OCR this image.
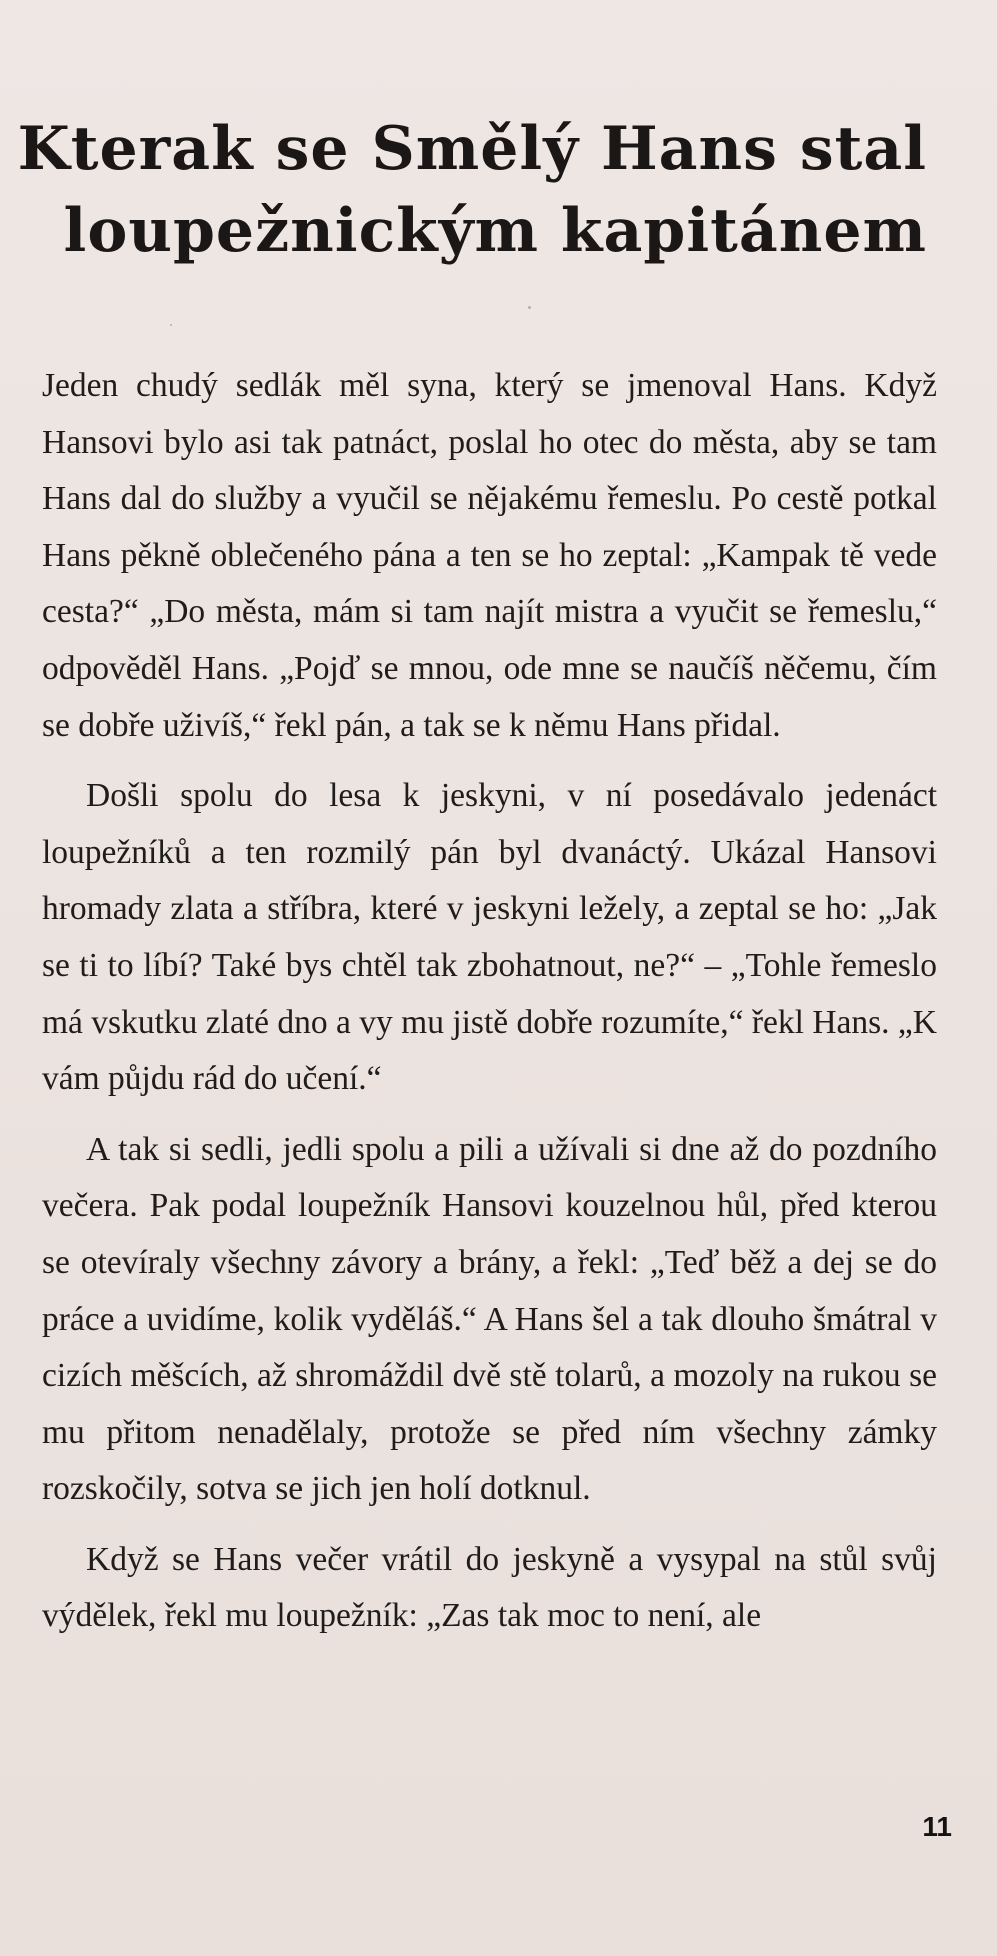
Kterak se Smělý Hans stal
loupežnickým kapitánem

Jeden chudý sedlák měl syna, který se jmenoval Hans. Když Hansovi bylo asi tak patnáct, poslal ho otec do města, aby se tam Hans dal do služby a vyučil se nějakému řemeslu. Po cestě potkal Hans pěkně oblečeného pána a ten se ho zeptal: „Kampak tě vede cesta?“ „Do města, mám si tam najít mistra a vyučit se řemeslu,“ odpověděl Hans. „Pojď se mnou, ode mne se naučíš něčemu, čím se dobře uživíš,“ řekl pán, a tak se k němu Hans přidal.

Došli spolu do lesa k jeskyni, v ní posedávalo jedenáct loupežníků a ten rozmilý pán byl dvanáctý. Ukázal Hansovi hromady zlata a stříbra, které v jeskyni ležely, a zeptal se ho: „Jak se ti to líbí? Také bys chtěl tak zbohatnout, ne?“ – „Tohle řemeslo má vskutku zlaté dno a vy mu jistě dobře rozumíte,“ řekl Hans. „K vám půjdu rád do učení.“

A tak si sedli, jedli spolu a pili a užívali si dne až do pozdního večera. Pak podal loupežník Hansovi kouzelnou hůl, před kterou se otevíraly všechny závory a brány, a řekl: „Teď běž a dej se do práce a uvidíme, kolik vyděláš.“ A Hans šel a tak dlouho šmátral v cizích měšcích, až shromáždil dvě stě tolarů, a mozoly na rukou se mu přitom nenadělaly, protože se před ním všechny zámky rozskočily, sotva se jich jen holí dotknul.

Když se Hans večer vrátil do jeskyně a vysypal na stůl svůj výdělek, řekl mu loupežník: „Zas tak moc to není, ale

11
